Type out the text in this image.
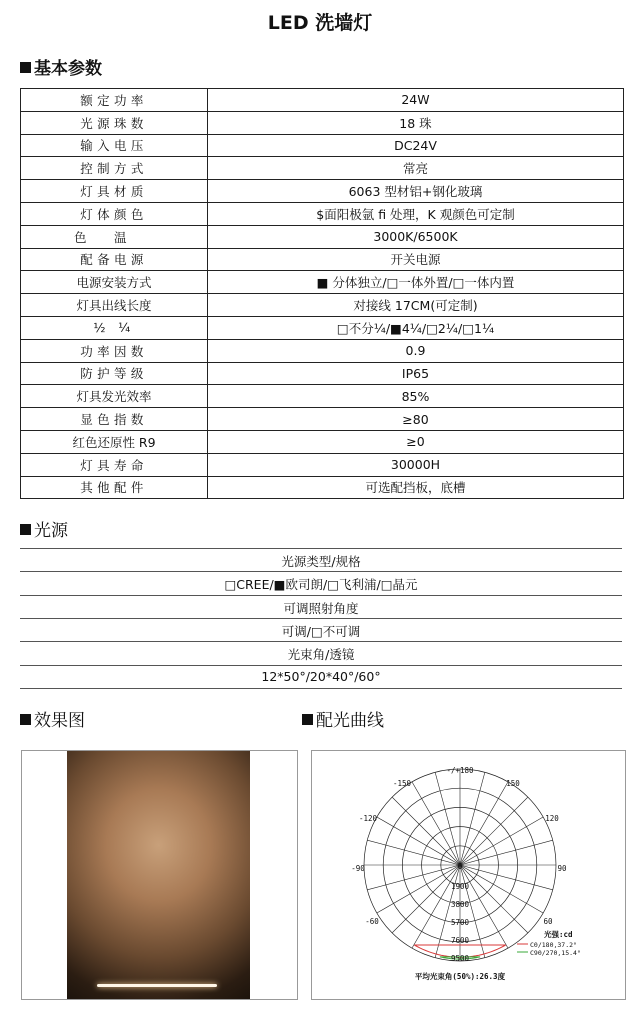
LED 洗墙灯
基本参数
额定功率	24W
光源珠数	18 珠
输入电压	DC24V
控制方式	常亮
灯具材质	6063 型材铝+钢化玻璃
灯体颜色	$面阳极氩 fi 处理，K 观颜色可定制
色温	3000K/6500K
配备电源	开关电源
电源安装方式	■ 分体独立/□一体外置/□一体内置
灯具出线长度	对接线 17CM(可定制)
½ ¼	□不分¼/■4¼/□2¼/□1¼
功率因数	0.9
防护等级	IP65
灯具发光效率	85%
显色指数	≥80
红色还原性 R9	≥0
灯具寿命	30000H
其他配件	可选配挡板，底槽
光源
光源类型/规格
□CREE/■欧司朗/□飞利浦/□晶元
可调照射角度
可调/□不可调
光束角/透镜
12*50°/20*40°/60°
效果图	配光曲线
-/+180
-150	150
-120	120
-90	90
-60	60
0
1900
3800
5700
7600
9500
光强:cd
C0/180,37.2°
C90/270,15.4°
平均光束角(50%):26.3度
